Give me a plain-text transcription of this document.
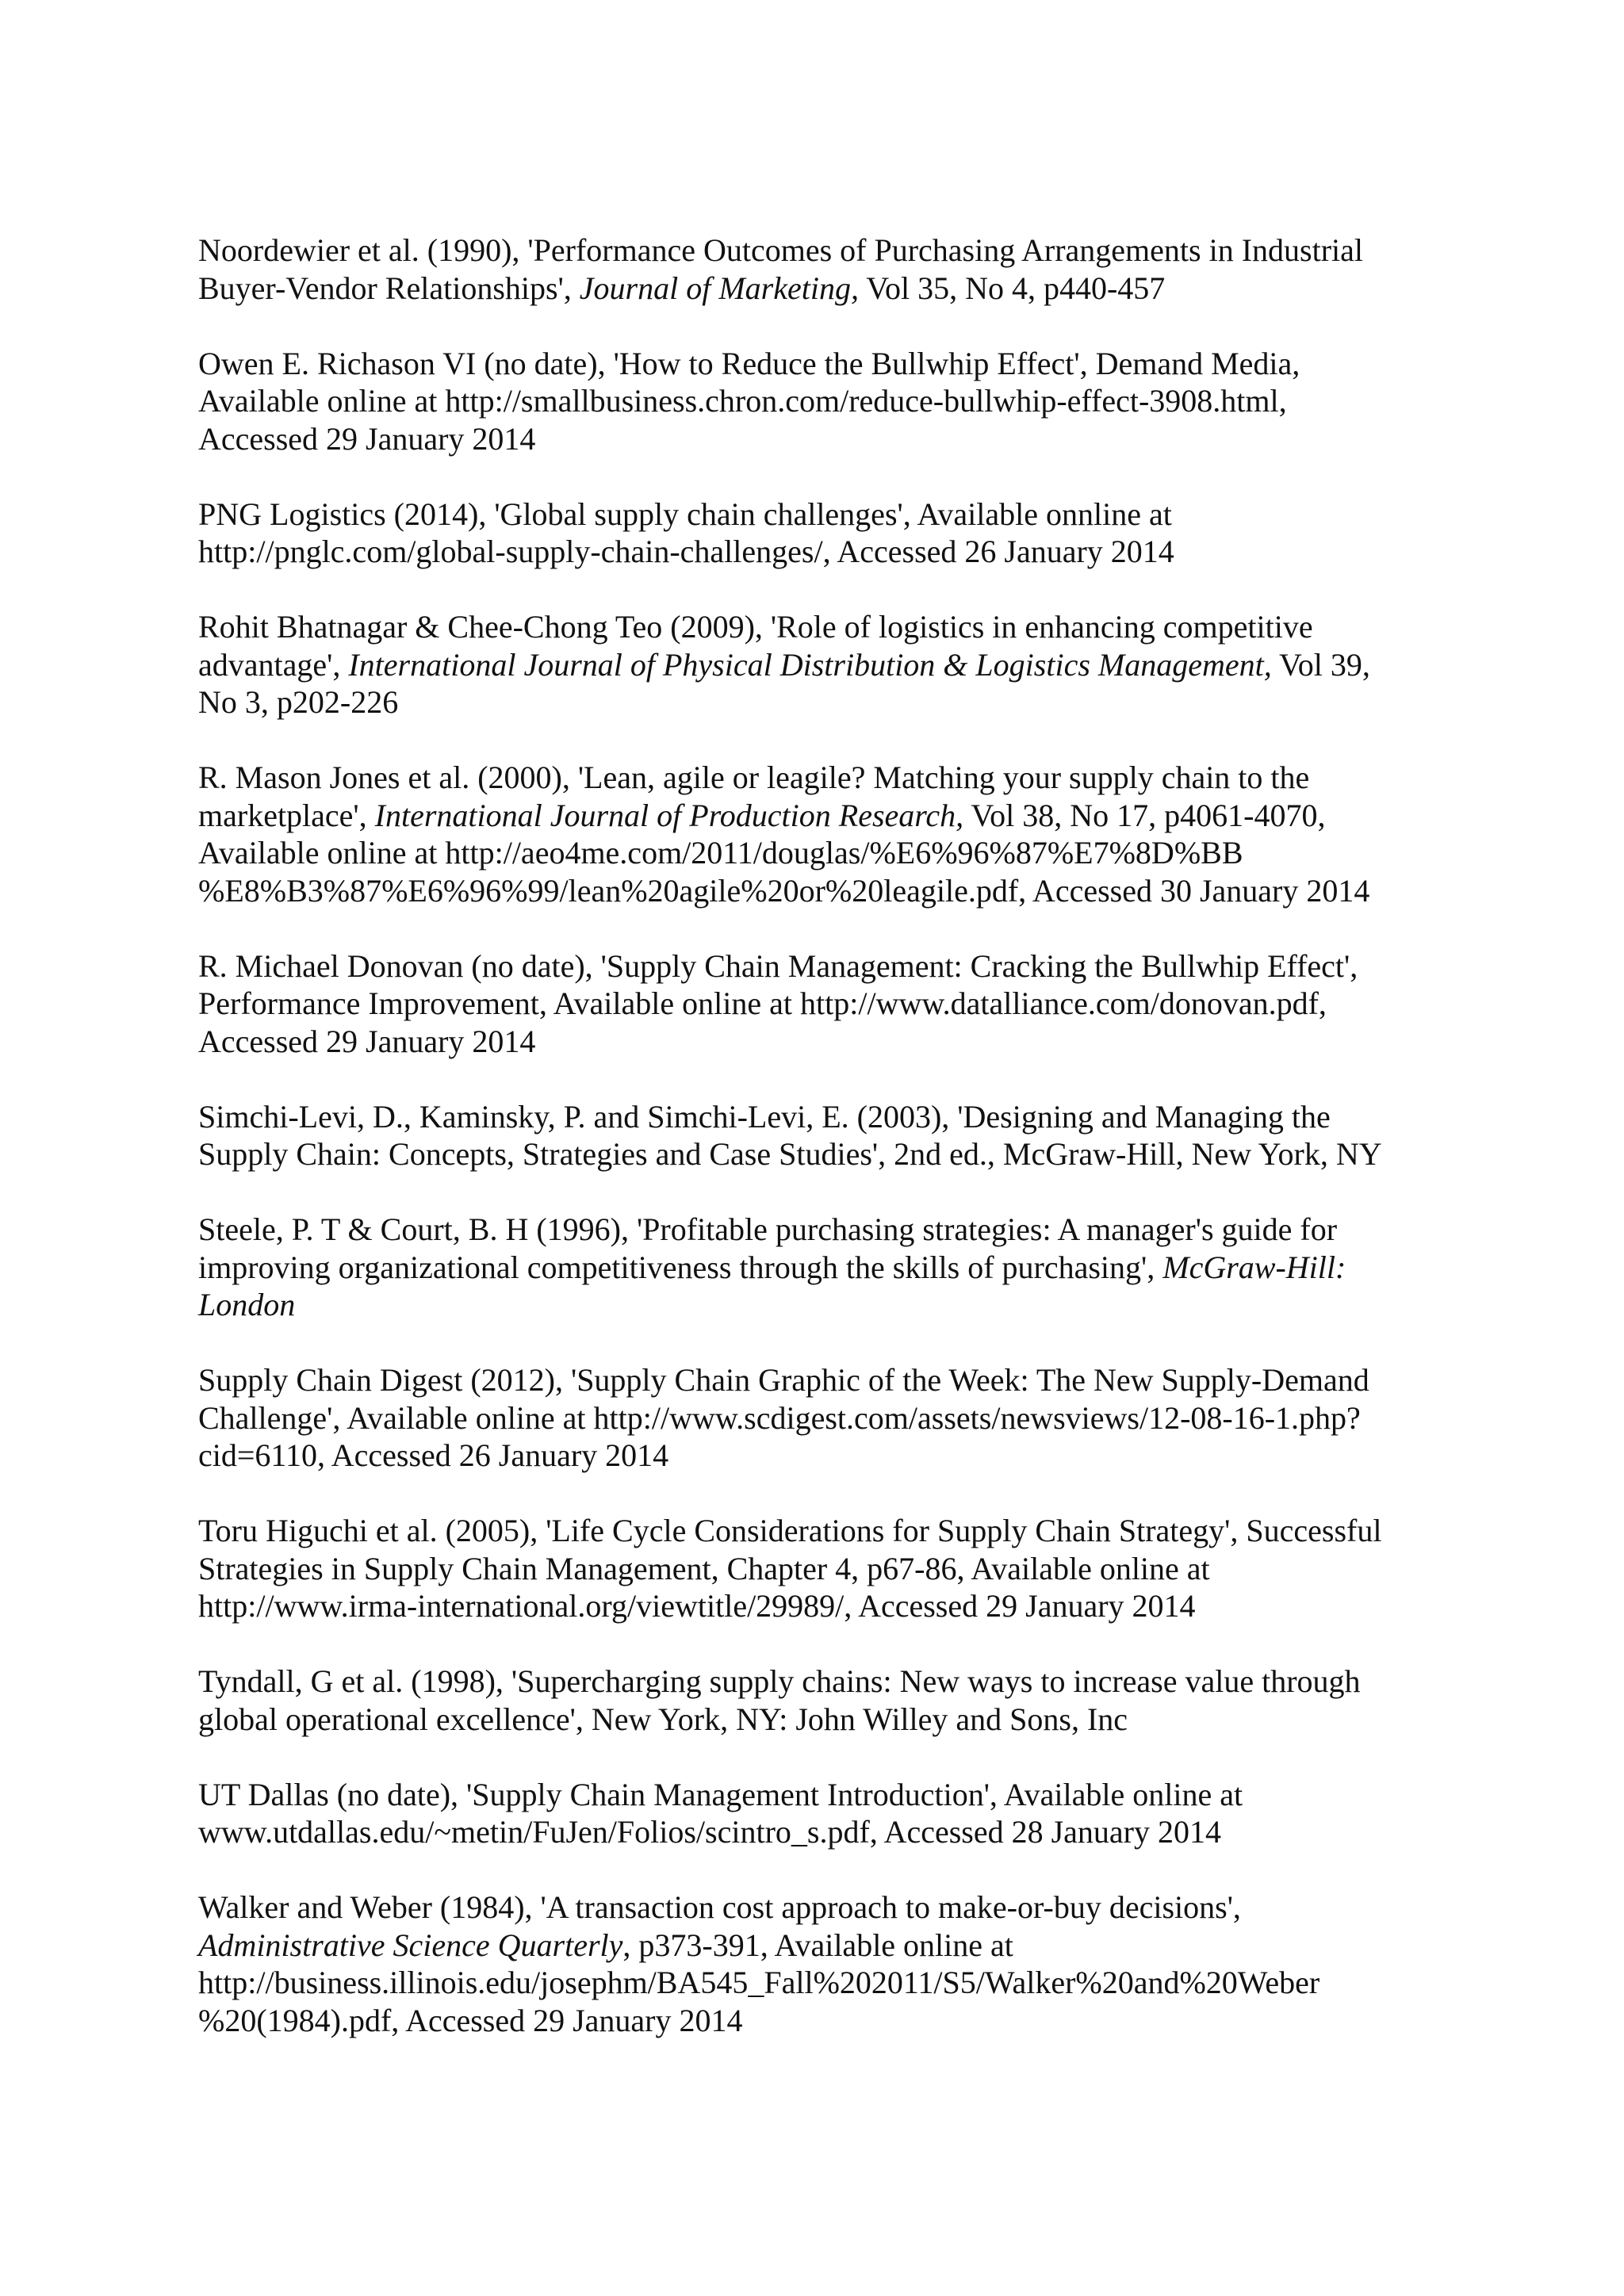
Noordewier et al. (1990), 'Performance Outcomes of Purchasing Arrangements in Industrial
Buyer-Vendor Relationships', Journal of Marketing, Vol 35, No 4, p440-457

Owen E. Richason VI (no date), 'How to Reduce the Bullwhip Effect', Demand Media,
Available online at http://smallbusiness.chron.com/reduce-bullwhip-effect-3908.html,
Accessed 29 January 2014

PNG Logistics (2014), 'Global supply chain challenges', Available onnline at
http://pnglc.com/global-supply-chain-challenges/, Accessed 26 January 2014

Rohit Bhatnagar & Chee-Chong Teo (2009), 'Role of logistics in enhancing competitive
advantage', International Journal of Physical Distribution & Logistics Management, Vol 39,
No 3, p202-226

R. Mason Jones et al. (2000), 'Lean, agile or leagile? Matching your supply chain to the
marketplace', International Journal of Production Research, Vol 38, No 17, p4061-4070,
Available online at http://aeo4me.com/2011/douglas/%E6%96%87%E7%8D%BB
%E8%B3%87%E6%96%99/lean%20agile%20or%20leagile.pdf, Accessed 30 January 2014

R. Michael Donovan (no date), 'Supply Chain Management: Cracking the Bullwhip Effect',
Performance Improvement, Available online at http://www.datalliance.com/donovan.pdf,
Accessed 29 January 2014

Simchi-Levi, D., Kaminsky, P. and Simchi-Levi, E. (2003), 'Designing and Managing the
Supply Chain: Concepts, Strategies and Case Studies', 2nd ed., McGraw-Hill, New York, NY

Steele, P. T & Court, B. H (1996), 'Profitable purchasing strategies: A manager's guide for
improving organizational competitiveness through the skills of purchasing', McGraw-Hill:
London

Supply Chain Digest (2012), 'Supply Chain Graphic of the Week: The New Supply-Demand
Challenge', Available online at http://www.scdigest.com/assets/newsviews/12-08-16-1.php?
cid=6110, Accessed 26 January 2014

Toru Higuchi et al. (2005), 'Life Cycle Considerations for Supply Chain Strategy', Successful
Strategies in Supply Chain Management, Chapter 4, p67-86, Available online at
http://www.irma-international.org/viewtitle/29989/, Accessed 29 January 2014

Tyndall, G et al. (1998), 'Supercharging supply chains: New ways to increase value through
global operational excellence', New York, NY: John Willey and Sons, Inc

UT Dallas (no date), 'Supply Chain Management Introduction', Available online at
www.utdallas.edu/~metin/FuJen/Folios/scintro_s.pdf, Accessed 28 January 2014

Walker and Weber (1984), 'A transaction cost approach to make-or-buy decisions',
Administrative Science Quarterly, p373-391, Available online at
http://business.illinois.edu/josephm/BA545_Fall%202011/S5/Walker%20and%20Weber
%20(1984).pdf, Accessed 29 January 2014
